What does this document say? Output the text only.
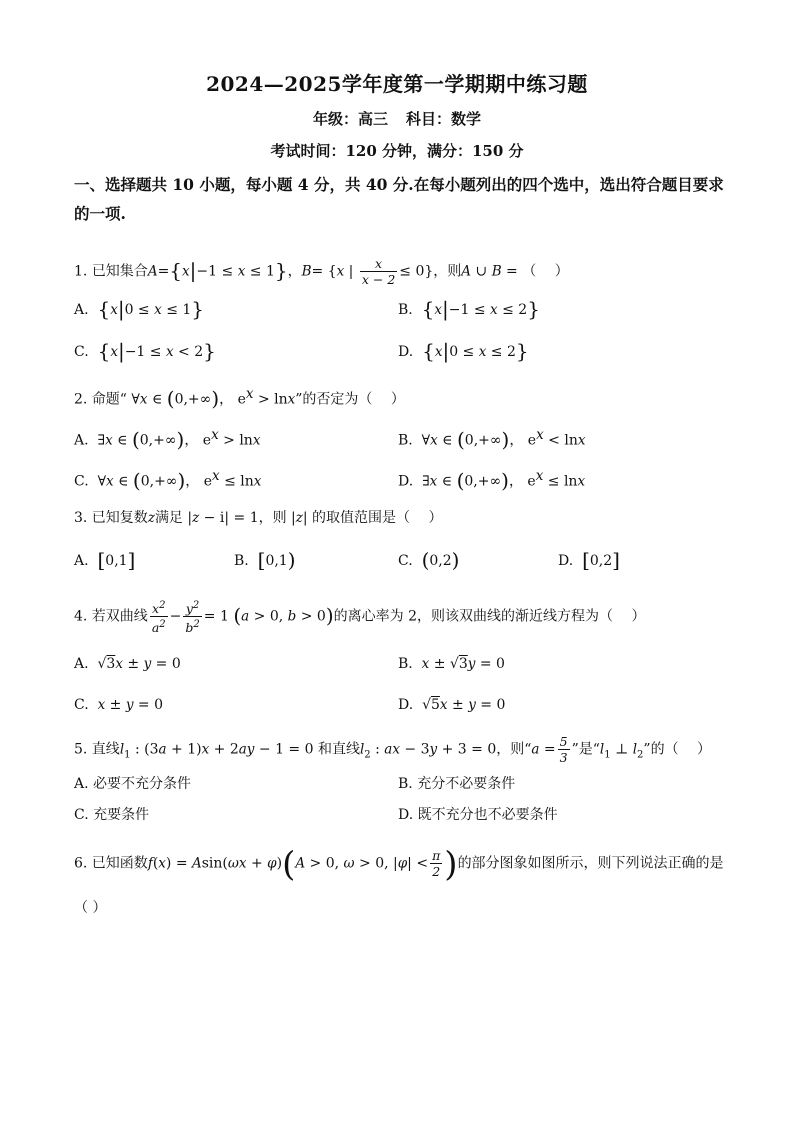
2024—2025学年度第一学期期中练习题
年级：高三 科目：数学
考试时间：120 分钟，满分：150 分
一、选择题共 10 小题，每小题 4 分，共 40 分.在每小题列出的四个选中，选出符合题目要求的一项.
1. 已知集合A={x|−1 ≤ x ≤ 1}，B= {x | $\frac{x}{x - 2} \le 0$}，则A ∪ B = （　 ）
A.  {x|0 ≤ x ≤ 1}	B.  {x|−1 ≤ x ≤ 2}
C.  {x|−1 ≤ x < 2}	D.  {x|0 ≤ x ≤ 2}
2. 命题“ ∀x ∈ (0,+∞)， $e^x > \ln x$”的否定为（　 ）
A.  ∃x ∈ (0,+∞)， $e^x > \ln x$	B.  ∀x ∈ (0,+∞)， $e^x < \ln x$
C.  ∀x ∈ (0,+∞)， $e^x \le \ln x$	D.  ∃x ∈ (0,+∞)， $e^x \le \ln x$
3. 已知复数z满足 |z − i| = 1，则 |z| 的取值范围是（　 ）
A.  [0,1]	B.  [0,1)	C.  (0,2)	D.  [0,2]
4. 若双曲线 $\frac{x^2}{a^2} - \frac{y^2}{b^2} = 1$ (a > 0, b > 0)的离心率为 2，则该双曲线的渐近线方程为（　 ）
A.  √3x ± y = 0	B.  x ± √3y = 0
C.  x ± y = 0	D.  √5x ± y = 0
5. 直线$l_1$ : (3a + 1)x + 2ay − 1 = 0 和直线$l_2$ : ax − 3y + 3 = 0，则“$a = \frac{5}{3}$ ”是“$l_1$ ⊥ $l_2$”的（　 ）
A. 必要不充分条件	B. 充分不必要条件
C. 充要条件	D. 既不充分也不必要条件
6. 已知函数f(x) = Asin(ωx + φ)(A > 0, ω > 0, $|\varphi| < \frac{\pi}{2}$ )的部分图象如图所示，则下列说法正确的是
（ ）
